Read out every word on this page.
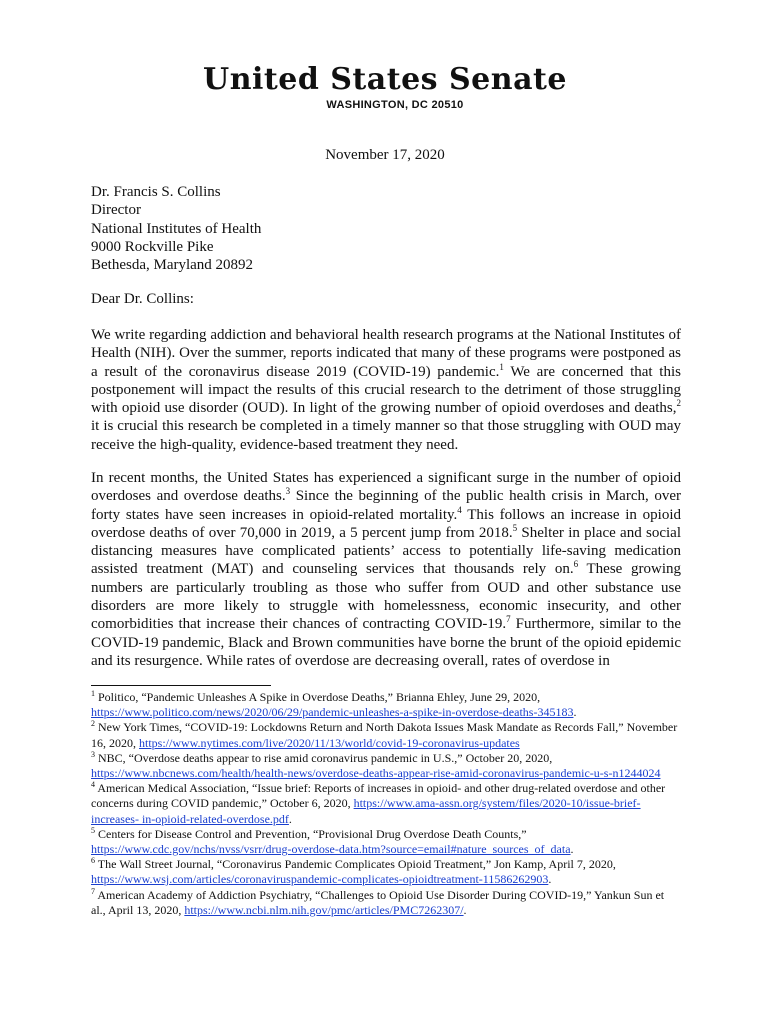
United States Senate
WASHINGTON, DC 20510
November 17, 2020
Dr. Francis S. Collins
Director
National Institutes of Health
9000 Rockville Pike
Bethesda, Maryland 20892
Dear Dr. Collins:
We write regarding addiction and behavioral health research programs at the National Institutes of Health (NIH). Over the summer, reports indicated that many of these programs were postponed as a result of the coronavirus disease 2019 (COVID-19) pandemic.$^1$ We are concerned that this postponement will impact the results of this crucial research to the detriment of those struggling with opioid use disorder (OUD). In light of the growing number of opioid overdoses and deaths,$^2$ it is crucial this research be completed in a timely manner so that those struggling with OUD may receive the high-quality, evidence-based treatment they need.
In recent months, the United States has experienced a significant surge in the number of opioid overdoses and overdose deaths.$^3$ Since the beginning of the public health crisis in March, over forty states have seen increases in opioid-related mortality.$^4$ This follows an increase in opioid overdose deaths of over 70,000 in 2019, a 5 percent jump from 2018.$^5$ Shelter in place and social distancing measures have complicated patients’ access to potentially life-saving medication assisted treatment (MAT) and counseling services that thousands rely on.$^6$ These growing numbers are particularly troubling as those who suffer from OUD and other substance use disorders are more likely to struggle with homelessness, economic insecurity, and other comorbidities that increase their chances of contracting COVID-19.$^7$ Furthermore, similar to the COVID-19 pandemic, Black and Brown communities have borne the brunt of the opioid epidemic and its resurgence. While rates of overdose are decreasing overall, rates of overdose in
$^1$ Politico, “Pandemic Unleashes A Spike in Overdose Deaths,” Brianna Ehley, June 29, 2020, https://www.politico.com/news/2020/06/29/pandemic-unleashes-a-spike-in-overdose-deaths-345183.
$^2$ New York Times, “COVID-19: Lockdowns Return and North Dakota Issues Mask Mandate as Records Fall,” November 16, 2020, https://www.nytimes.com/live/2020/11/13/world/covid-19-coronavirus-updates
$^3$ NBC, “Overdose deaths appear to rise amid coronavirus pandemic in U.S.,” October 20, 2020, https://www.nbcnews.com/health/health-news/overdose-deaths-appear-rise-amid-coronavirus-pandemic-u-s-n1244024
$^4$ American Medical Association, “Issue brief: Reports of increases in opioid- and other drug-related overdose and other concerns during COVID pandemic,” October 6, 2020, https://www.ama-assn.org/system/files/2020-10/issue-brief-increases- in-opioid-related-overdose.pdf.
$^5$ Centers for Disease Control and Prevention, “Provisional Drug Overdose Death Counts,” https://www.cdc.gov/nchs/nvss/vsrr/drug-overdose-data.htm?source=email#nature_sources_of_data.
$^6$ The Wall Street Journal, “Coronavirus Pandemic Complicates Opioid Treatment,” Jon Kamp, April 7, 2020, https://www.wsj.com/articles/coronaviruspandemic-complicates-opioidtreatment-11586262903.
$^7$ American Academy of Addiction Psychiatry, “Challenges to Opioid Use Disorder During COVID-19,” Yankun Sun et al., April 13, 2020, https://www.ncbi.nlm.nih.gov/pmc/articles/PMC7262307/.
